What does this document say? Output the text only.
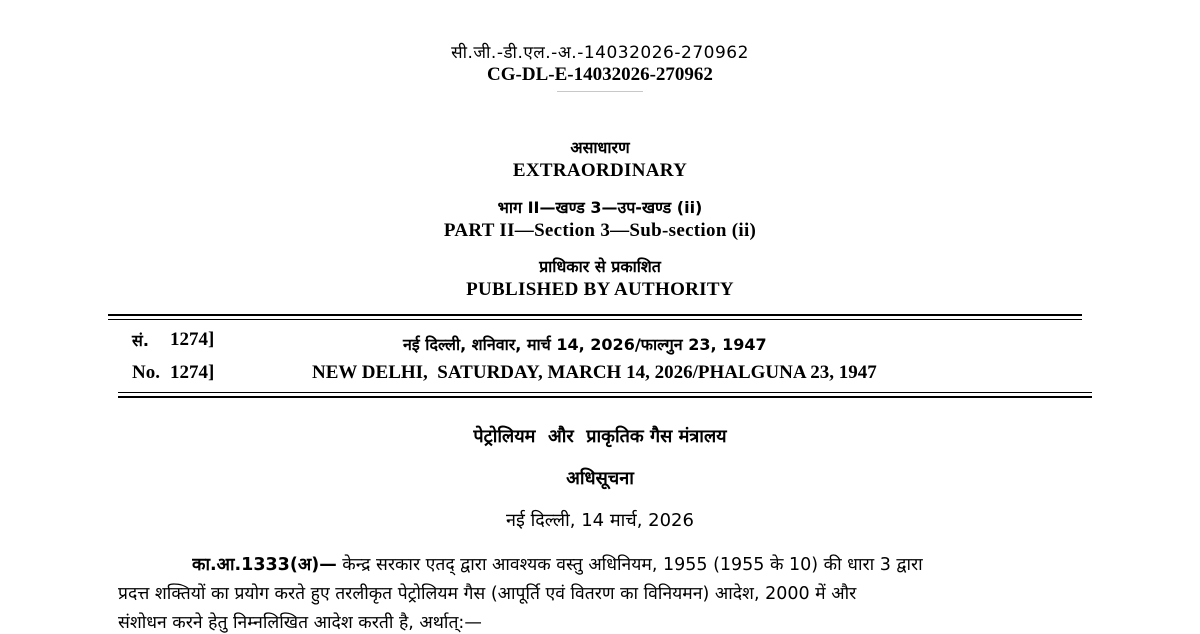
सी.जी.-डी.एल.-अ.-14032026-270962
CG-DL-E-14032026-270962
असाधारण
EXTRAORDINARY
भाग II—खण्ड 3—उप-खण्ड (ii)
PART II—Section 3—Sub-section (ii)
प्राधिकार से प्रकाशित
PUBLISHED BY AUTHORITY
सं. 1274]	नई दिल्ली, शनिवार, मार्च 14, 2026/फाल्गुन 23, 1947
No. 1274]	NEW DELHI,  SATURDAY, MARCH 14, 2026/PHALGUNA 23, 1947
पेट्रोलियम  और  प्राकृतिक गैस मंत्रालय
अधिसूचना
नई दिल्ली, 14 मार्च, 2026
का.आ.1333(अ)— केन्द्र सरकार एतद् द्वारा आवश्यक वस्तु अधिनियम, 1955 (1955 के 10) की धारा 3 द्वारा
प्रदत्त शक्तियों का प्रयोग करते हुए तरलीकृत पेट्रोलियम गैस (आपूर्ति एवं वितरण का विनियमन) आदेश, 2000 में और
संशोधन करने हेतु निम्नलिखित आदेश करती है, अर्थात्:—
